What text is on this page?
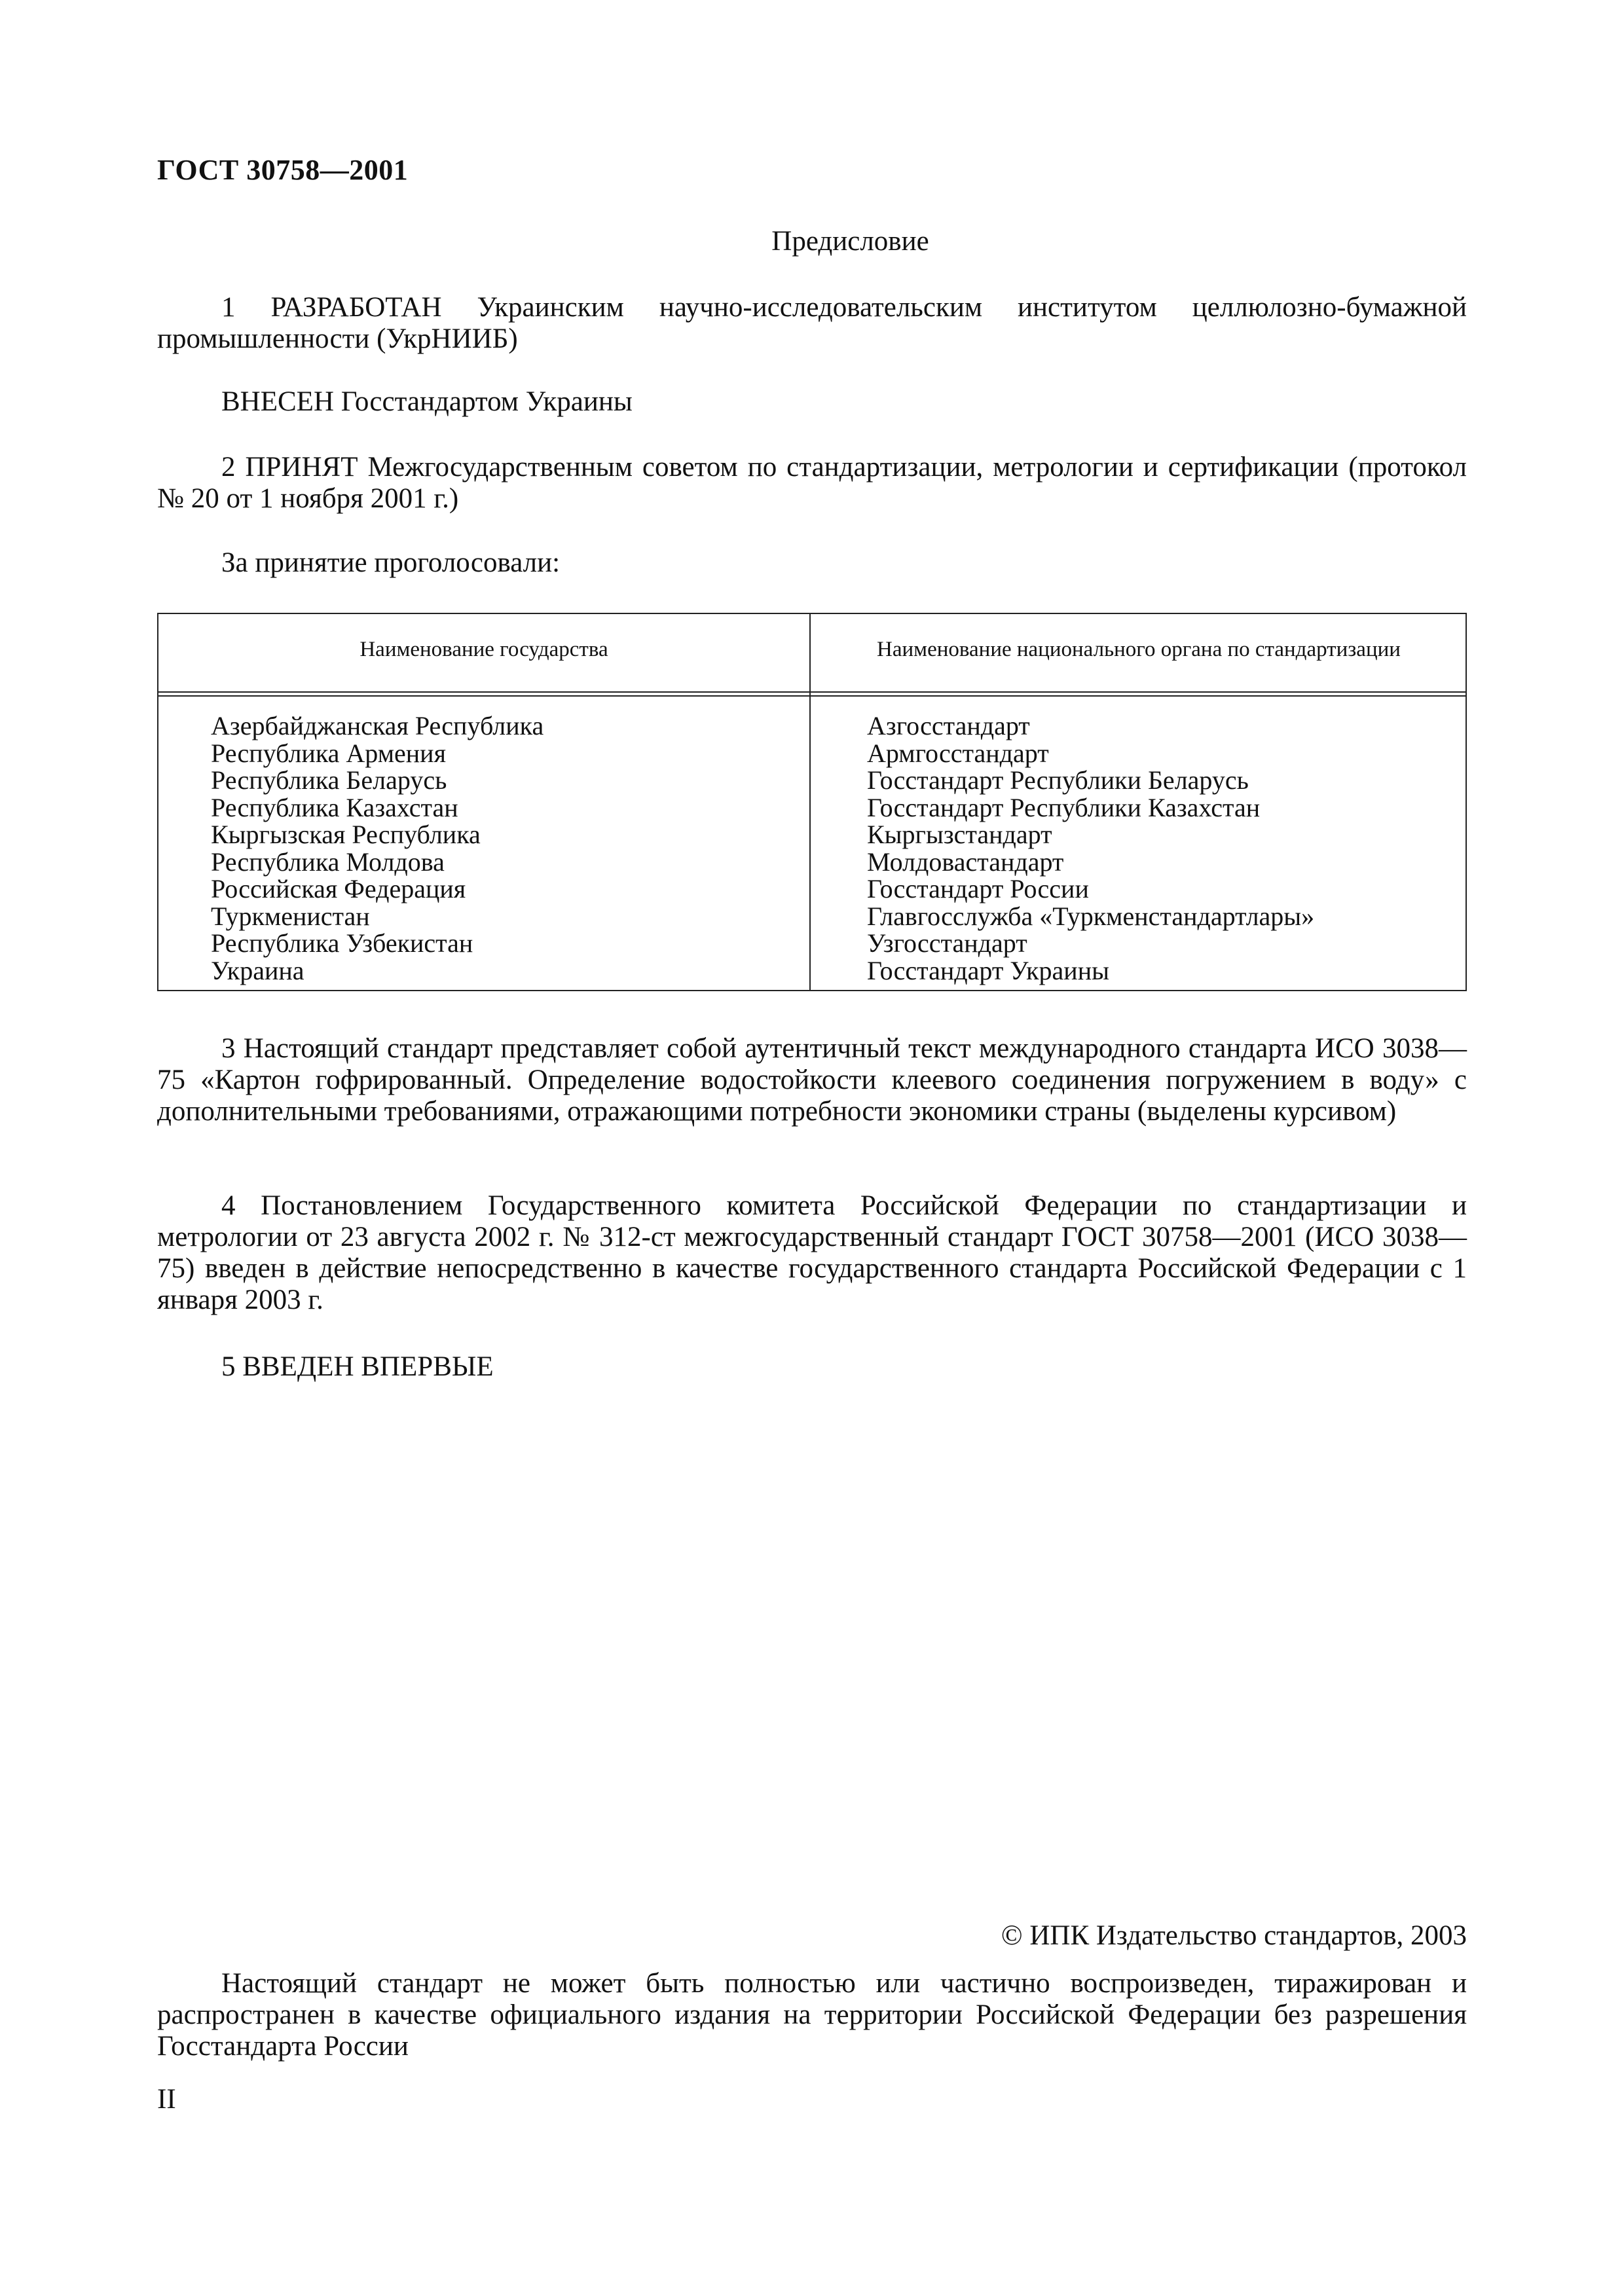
ГОСТ 30758—2001
Предисловие
1 РАЗРАБОТАН Украинским научно-исследовательским институтом целлюлозно-бумажной промышленности (УкрНИИБ)
ВНЕСЕН Госстандартом Украины
2 ПРИНЯТ Межгосударственным советом по стандартизации, метрологии и сертификации (протокол № 20 от 1 ноября 2001 г.)
За принятие проголосовали:
Наименование государства	Наименование национального органа по стандартизации
Азербайджанская Республика
Республика Армения
Республика Беларусь
Республика Казахстан
Кыргызская Республика
Республика Молдова
Российская Федерация
Туркменистан
Республика Узбекистан
Украина
Азгосстандарт
Армгосстандарт
Госстандарт Республики Беларусь
Госстандарт Республики Казахстан
Кыргызстандарт
Молдовастандарт
Госстандарт России
Главгосслужба «Туркменстандартлары»
Узгосстандарт
Госстандарт Украины
3 Настоящий стандарт представляет собой аутентичный текст международного стандарта ИСО 3038—75 «Картон гофрированный. Определение водостойкости клеевого соединения погружением в воду» с дополнительными требованиями, отражающими потребности экономики страны (выделены курсивом)
4 Постановлением Государственного комитета Российской Федерации по стандартизации и метрологии от 23 августа 2002 г. № 312-ст межгосударственный стандарт ГОСТ 30758—2001 (ИСО 3038—75) введен в действие непосредственно в качестве государственного стандарта Российской Федерации с 1 января 2003 г.
5 ВВЕДЕН ВПЕРВЫЕ
© ИПК Издательство стандартов, 2003
Настоящий стандарт не может быть полностью или частично воспроизведен, тиражирован и распространен в качестве официального издания на территории Российской Федерации без разрешения Госстандарта России
II
